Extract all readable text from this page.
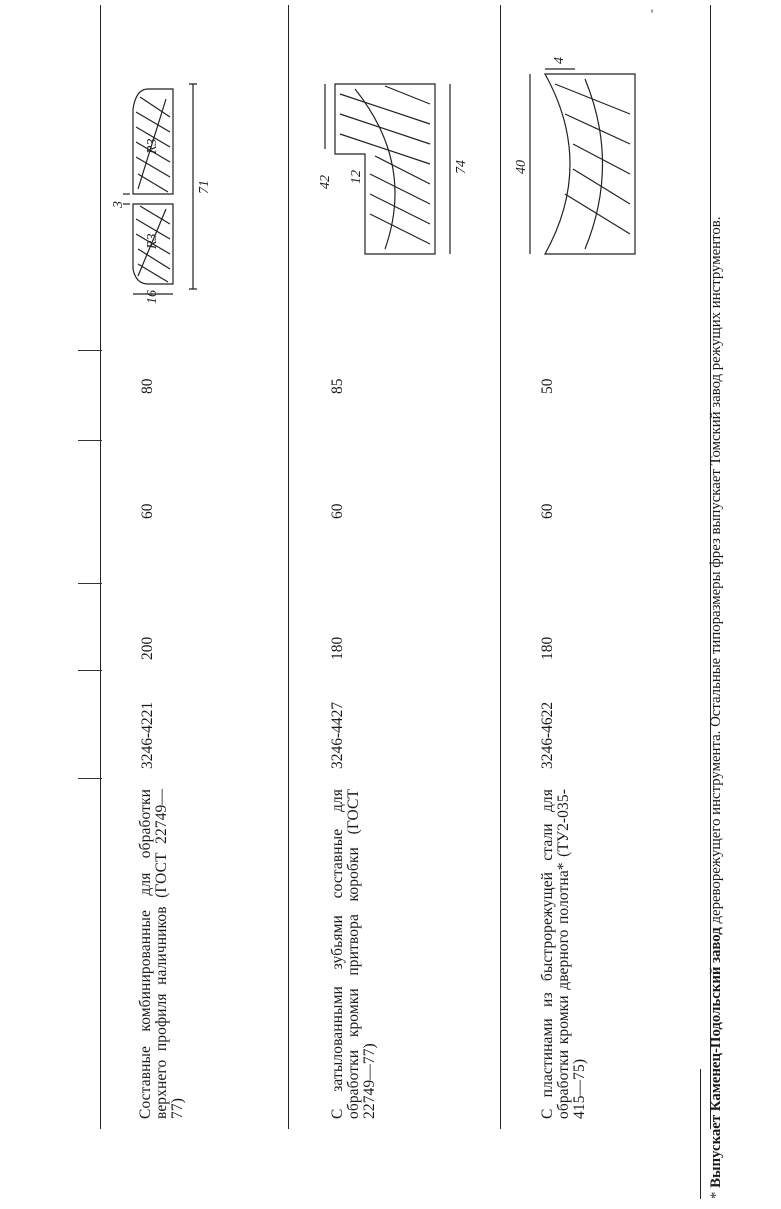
Составные комбинированные для обработки верхнего профиля наличников (ГОСТ 22749—77)
3246-4221
200
60
80
С затылованными зубьями составные для обработки кромки притвора коробки (ГОСТ 22749—77)
3246-4427
180
60
85
С пластинами из быстрорежущей стали для обработки кромки дверного полотна* (ТУ2-035-415—75)
3246-4622
180
60
50
3
16
R3
R3
71	42 12
74	40
4
* Выпускает Каменец-Подольский завод дереворежущего инструмента. Остальные типоразмеры фрез выпускает Томский завод режущих инструментов.
-
